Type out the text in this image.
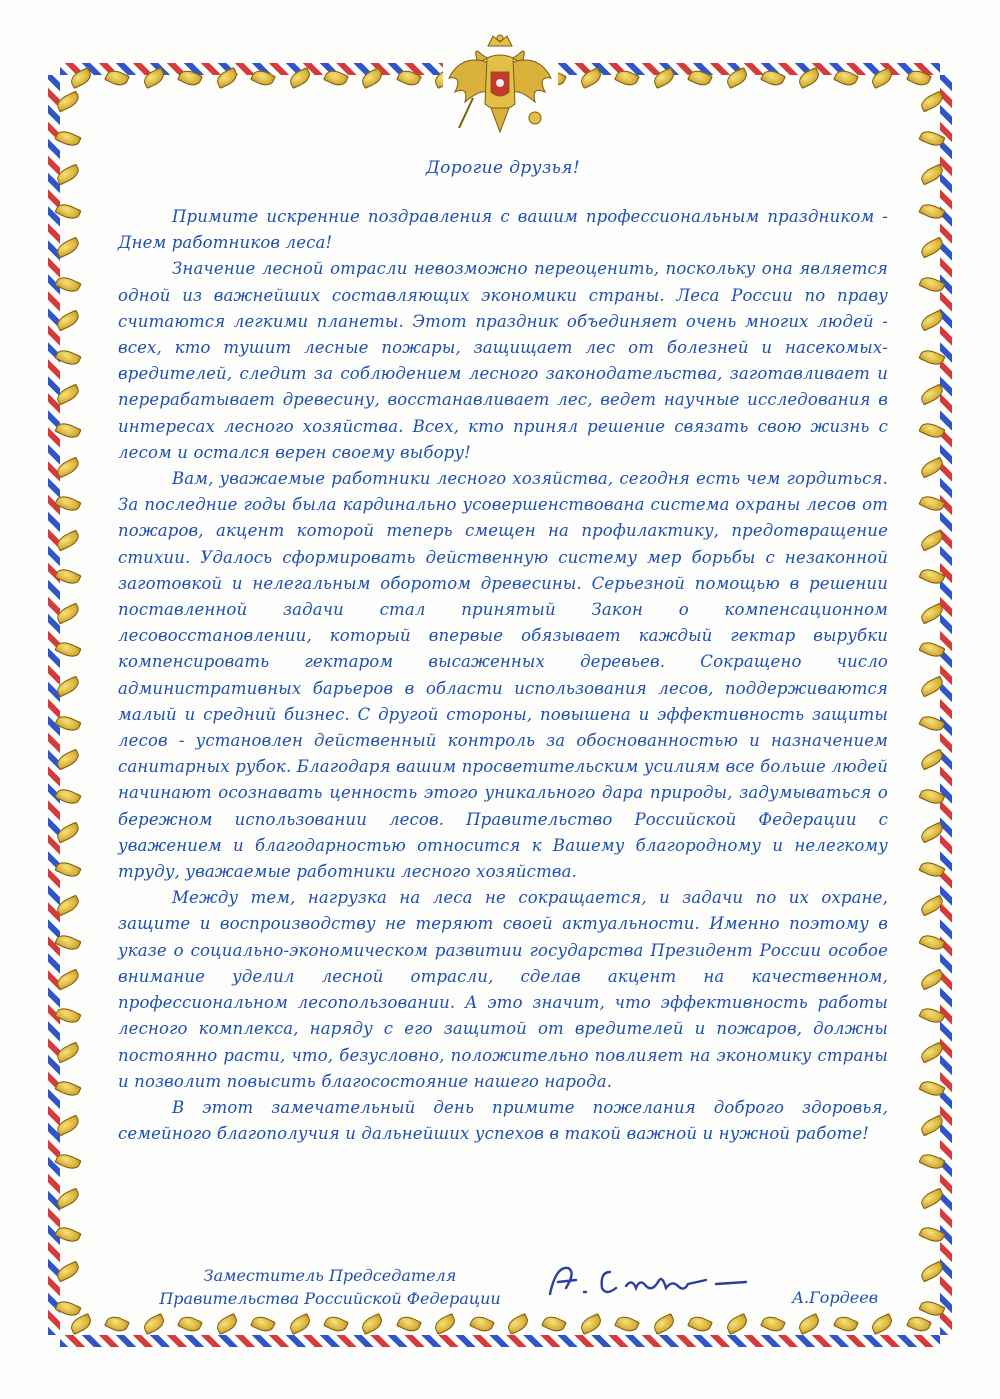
Дорогие друзья!

Примите искренние поздравления с вашим профессиональным праздником - Днем работников леса!

Значение лесной отрасли невозможно переоценить, поскольку она является одной из важнейших составляющих экономики страны. Леса России по праву считаются легкими планеты. Этот праздник объединяет очень многих людей - всех, кто тушит лесные пожары, защищает лес от болезней и насекомых-вредителей, следит за соблюдением лесного законодательства, заготавливает и перерабатывает древесину, восстанавливает лес, ведет научные исследования в интересах лесного хозяйства. Всех, кто принял решение связать свою жизнь с лесом и остался верен своему выбору!

Вам, уважаемые работники лесного хозяйства, сегодня есть чем гордиться. За последние годы была кардинально усовершенствована система охраны лесов от пожаров, акцент которой теперь смещен на профилактику, предотвращение стихии. Удалось сформировать действенную систему мер борьбы с незаконной заготовкой и нелегальным оборотом древесины. Серьезной помощью в решении поставленной задачи стал принятый Закон о компенсационном лесовосстановлении, который впервые обязывает каждый гектар вырубки компенсировать гектаром высаженных деревьев. Сокращено число административных барьеров в области использования лесов, поддерживаются малый и средний бизнес. С другой стороны, повышена и эффективность защиты лесов - установлен действенный контроль за обоснованностью и назначением санитарных рубок. Благодаря вашим просветительским усилиям все больше людей начинают осознавать ценность этого уникального дара природы, задумываться о бережном использовании лесов. Правительство Российской Федерации с уважением и благодарностью относится к Вашему благородному и нелегкому труду, уважаемые работники лесного хозяйства.

Между тем, нагрузка на леса не сокращается, и задачи по их охране, защите и воспроизводству не теряют своей актуальности. Именно поэтому в указе о социально-экономическом развитии государства Президент России особое внимание уделил лесной отрасли, сделав акцент на качественном, профессиональном лесопользовании. А это значит, что эффективность работы лесного комплекса, наряду с его защитой от вредителей и пожаров, должны постоянно расти, что, безусловно, положительно повлияет на экономику страны и позволит повысить благосостояние нашего народа.

В этот замечательный день примите пожелания доброго здоровья, семейного благополучия и дальнейших успехов в такой важной и нужной работе!

Заместитель Председателя
Правительства Российской Федерации	А.Гордеев
